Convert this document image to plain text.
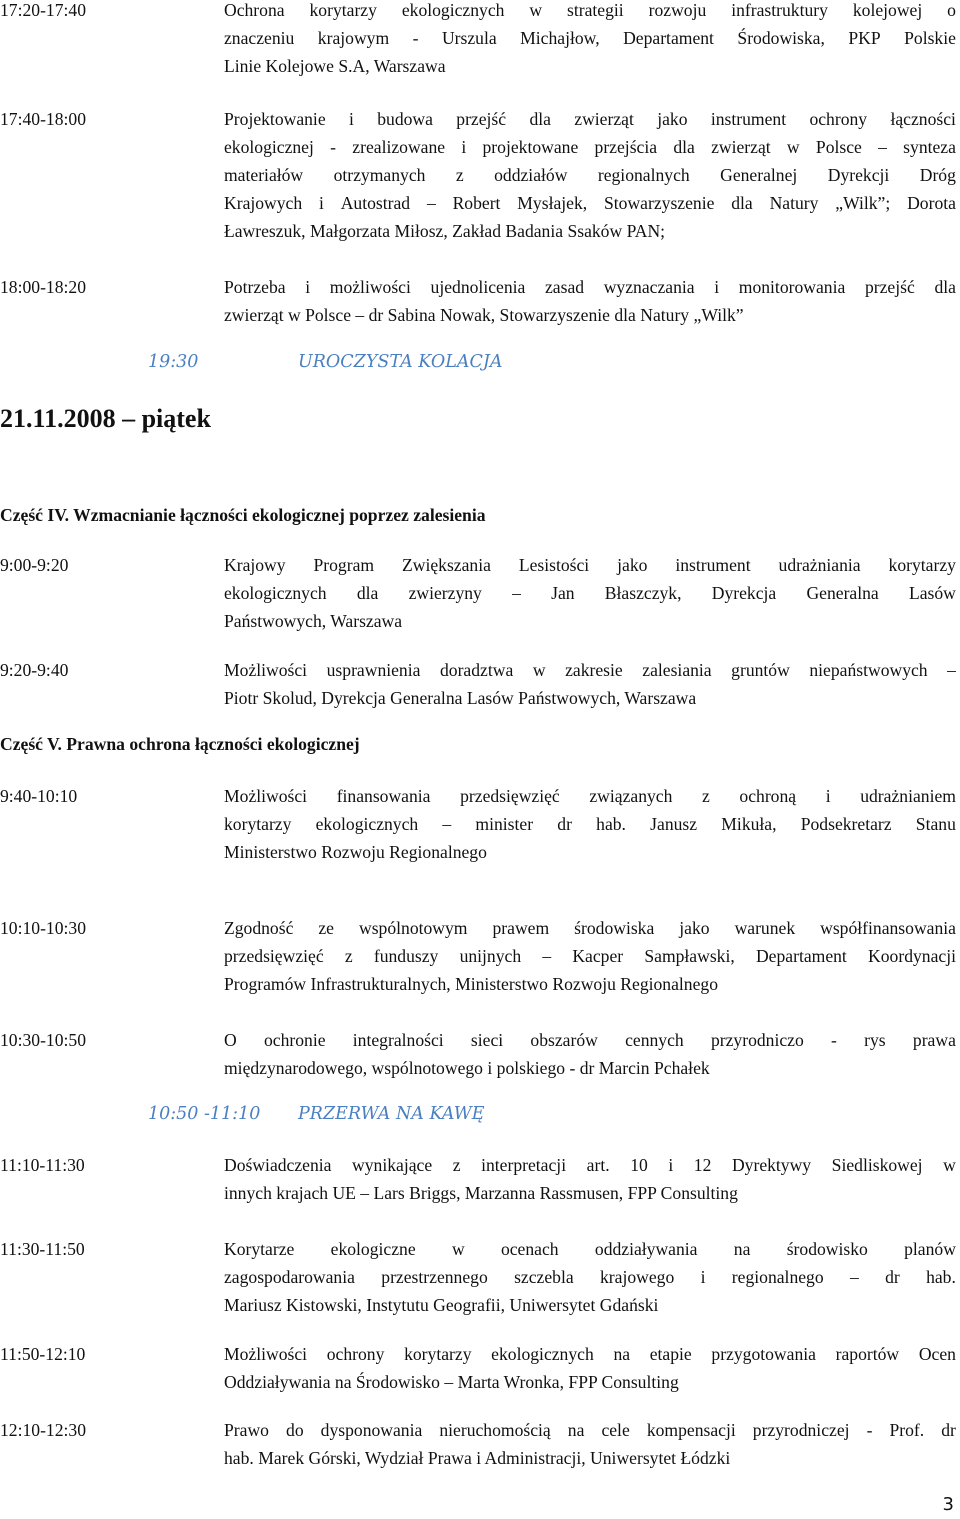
17:20-17:40	Ochrona korytarzy ekologicznych w strategii rozwoju infrastruktury kolejowej o
znaczeniu krajowym - Urszula Michajłow, Departament Środowiska, PKP Polskie
Linie Kolejowe S.A, Warszawa
17:40-18:00	Projektowanie i budowa przejść dla zwierząt jako instrument ochrony łączności
ekologicznej - zrealizowane i projektowane przejścia dla zwierząt w Polsce – synteza
materiałów otrzymanych z oddziałów regionalnych Generalnej Dyrekcji Dróg
Krajowych i Autostrad – Robert Mysłajek, Stowarzyszenie dla Natury „Wilk”; Dorota
Ławreszuk, Małgorzata Miłosz, Zakład Badania Ssaków PAN;
18:00-18:20	Potrzeba i możliwości ujednolicenia zasad wyznaczania i monitorowania przejść dla
zwierząt w Polsce – dr Sabina Nowak, Stowarzyszenie dla Natury „Wilk”
19:30	UROCZYSTA KOLACJA
21.11.2008 – piątek
Część IV. Wzmacnianie łączności ekologicznej poprzez zalesienia
9:00-9:20	Krajowy Program Zwiększania Lesistości jako instrument udrażniania korytarzy
ekologicznych dla zwierzyny – Jan Błaszczyk, Dyrekcja Generalna Lasów
Państwowych, Warszawa
9:20-9:40	Możliwości usprawnienia doradztwa w zakresie zalesiania gruntów niepaństwowych –
Piotr Skolud, Dyrekcja Generalna Lasów Państwowych, Warszawa
Część V. Prawna ochrona łączności ekologicznej
9:40-10:10	Możliwości finansowania przedsięwzięć związanych z ochroną i udrażnianiem
korytarzy ekologicznych – minister dr hab. Janusz Mikuła, Podsekretarz Stanu
Ministerstwo Rozwoju Regionalnego
10:10-10:30	Zgodność ze wspólnotowym prawem środowiska jako warunek współfinansowania
przedsięwzięć z funduszy unijnych – Kacper Sampławski, Departament Koordynacji
Programów Infrastrukturalnych, Ministerstwo Rozwoju Regionalnego
10:30-10:50	O ochronie integralności sieci obszarów cennych przyrodniczo - rys prawa
międzynarodowego, wspólnotowego i polskiego - dr Marcin Pchałek
10:50 -11:10 PRZERWA NA KAWĘ
11:10-11:30	Doświadczenia wynikające z interpretacji art. 10 i 12 Dyrektywy Siedliskowej w
innych krajach UE – Lars Briggs, Marzanna Rassmusen, FPP Consulting
11:30-11:50	Korytarze ekologiczne w ocenach oddziaływania na środowisko planów
zagospodarowania przestrzennego szczebla krajowego i regionalnego – dr hab.
Mariusz Kistowski, Instytutu Geografii, Uniwersytet Gdański
11:50-12:10	Możliwości ochrony korytarzy ekologicznych na etapie przygotowania raportów Ocen
Oddziaływania na Środowisko – Marta Wronka, FPP Consulting
12:10-12:30	Prawo do dysponowania nieruchomością na cele kompensacji przyrodniczej - Prof. dr
hab. Marek Górski, Wydział Prawa i Administracji, Uniwersytet Łódzki
3
